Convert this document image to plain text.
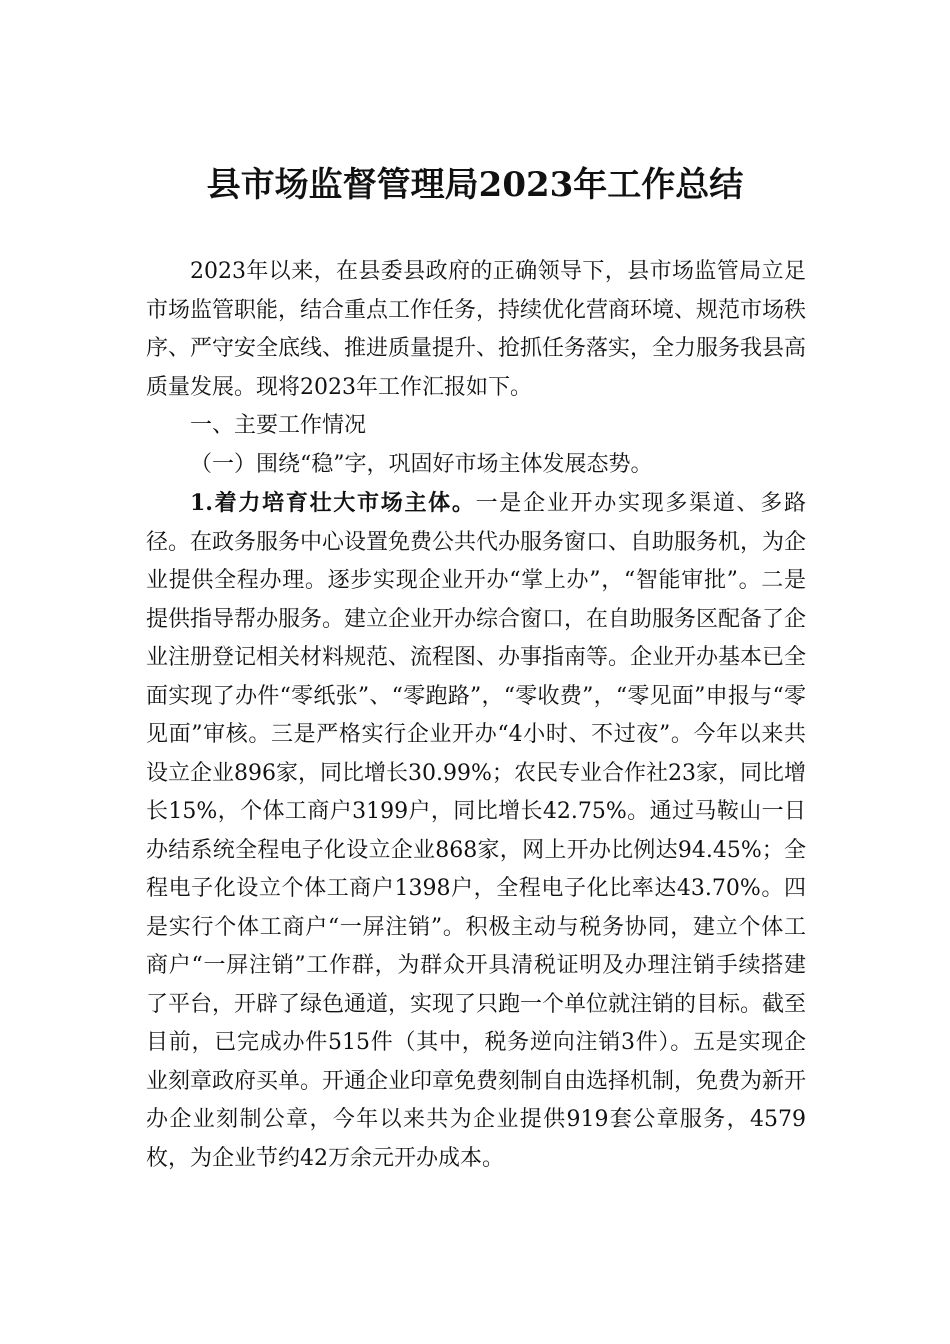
县市场监督管理局2023年工作总结

2023年以来，在县委县政府的正确领导下，县市场监管局立足市场监管职能，结合重点工作任务，持续优化营商环境、规范市场秩序、严守安全底线、推进质量提升、抢抓任务落实，全力服务我县高质量发展。现将2023年工作汇报如下。

一、主要工作情况

（一）围绕“稳”字，巩固好市场主体发展态势。

1.着力培育壮大市场主体。一是企业开办实现多渠道、多路径。在政务服务中心设置免费公共代办服务窗口、自助服务机，为企业提供全程办理。逐步实现企业开办“掌上办”，“智能审批”。二是提供指导帮办服务。建立企业开办综合窗口，在自助服务区配备了企业注册登记相关材料规范、流程图、办事指南等。企业开办基本已全面实现了办件“零纸张”、“零跑路”，“零收费”，“零见面”申报与“零见面”审核。三是严格实行企业开办“4小时、不过夜”。今年以来共设立企业896家，同比增长30.99%；农民专业合作社23家，同比增长15%，个体工商户3199户，同比增长42.75%。通过马鞍山一日办结系统全程电子化设立企业868家，网上开办比例达94.45%；全程电子化设立个体工商户1398户，全程电子化比率达43.70%。四是实行个体工商户“一屏注销”。积极主动与税务协同，建立个体工商户“一屏注销”工作群，为群众开具清税证明及办理注销手续搭建了平台，开辟了绿色通道，实现了只跑一个单位就注销的目标。截至目前，已完成办件515件（其中，税务逆向注销3件）。五是实现企业刻章政府买单。开通企业印章免费刻制自由选择机制，免费为新开办企业刻制公章，今年以来共为企业提供919套公章服务，4579枚，为企业节约42万余元开办成本。
